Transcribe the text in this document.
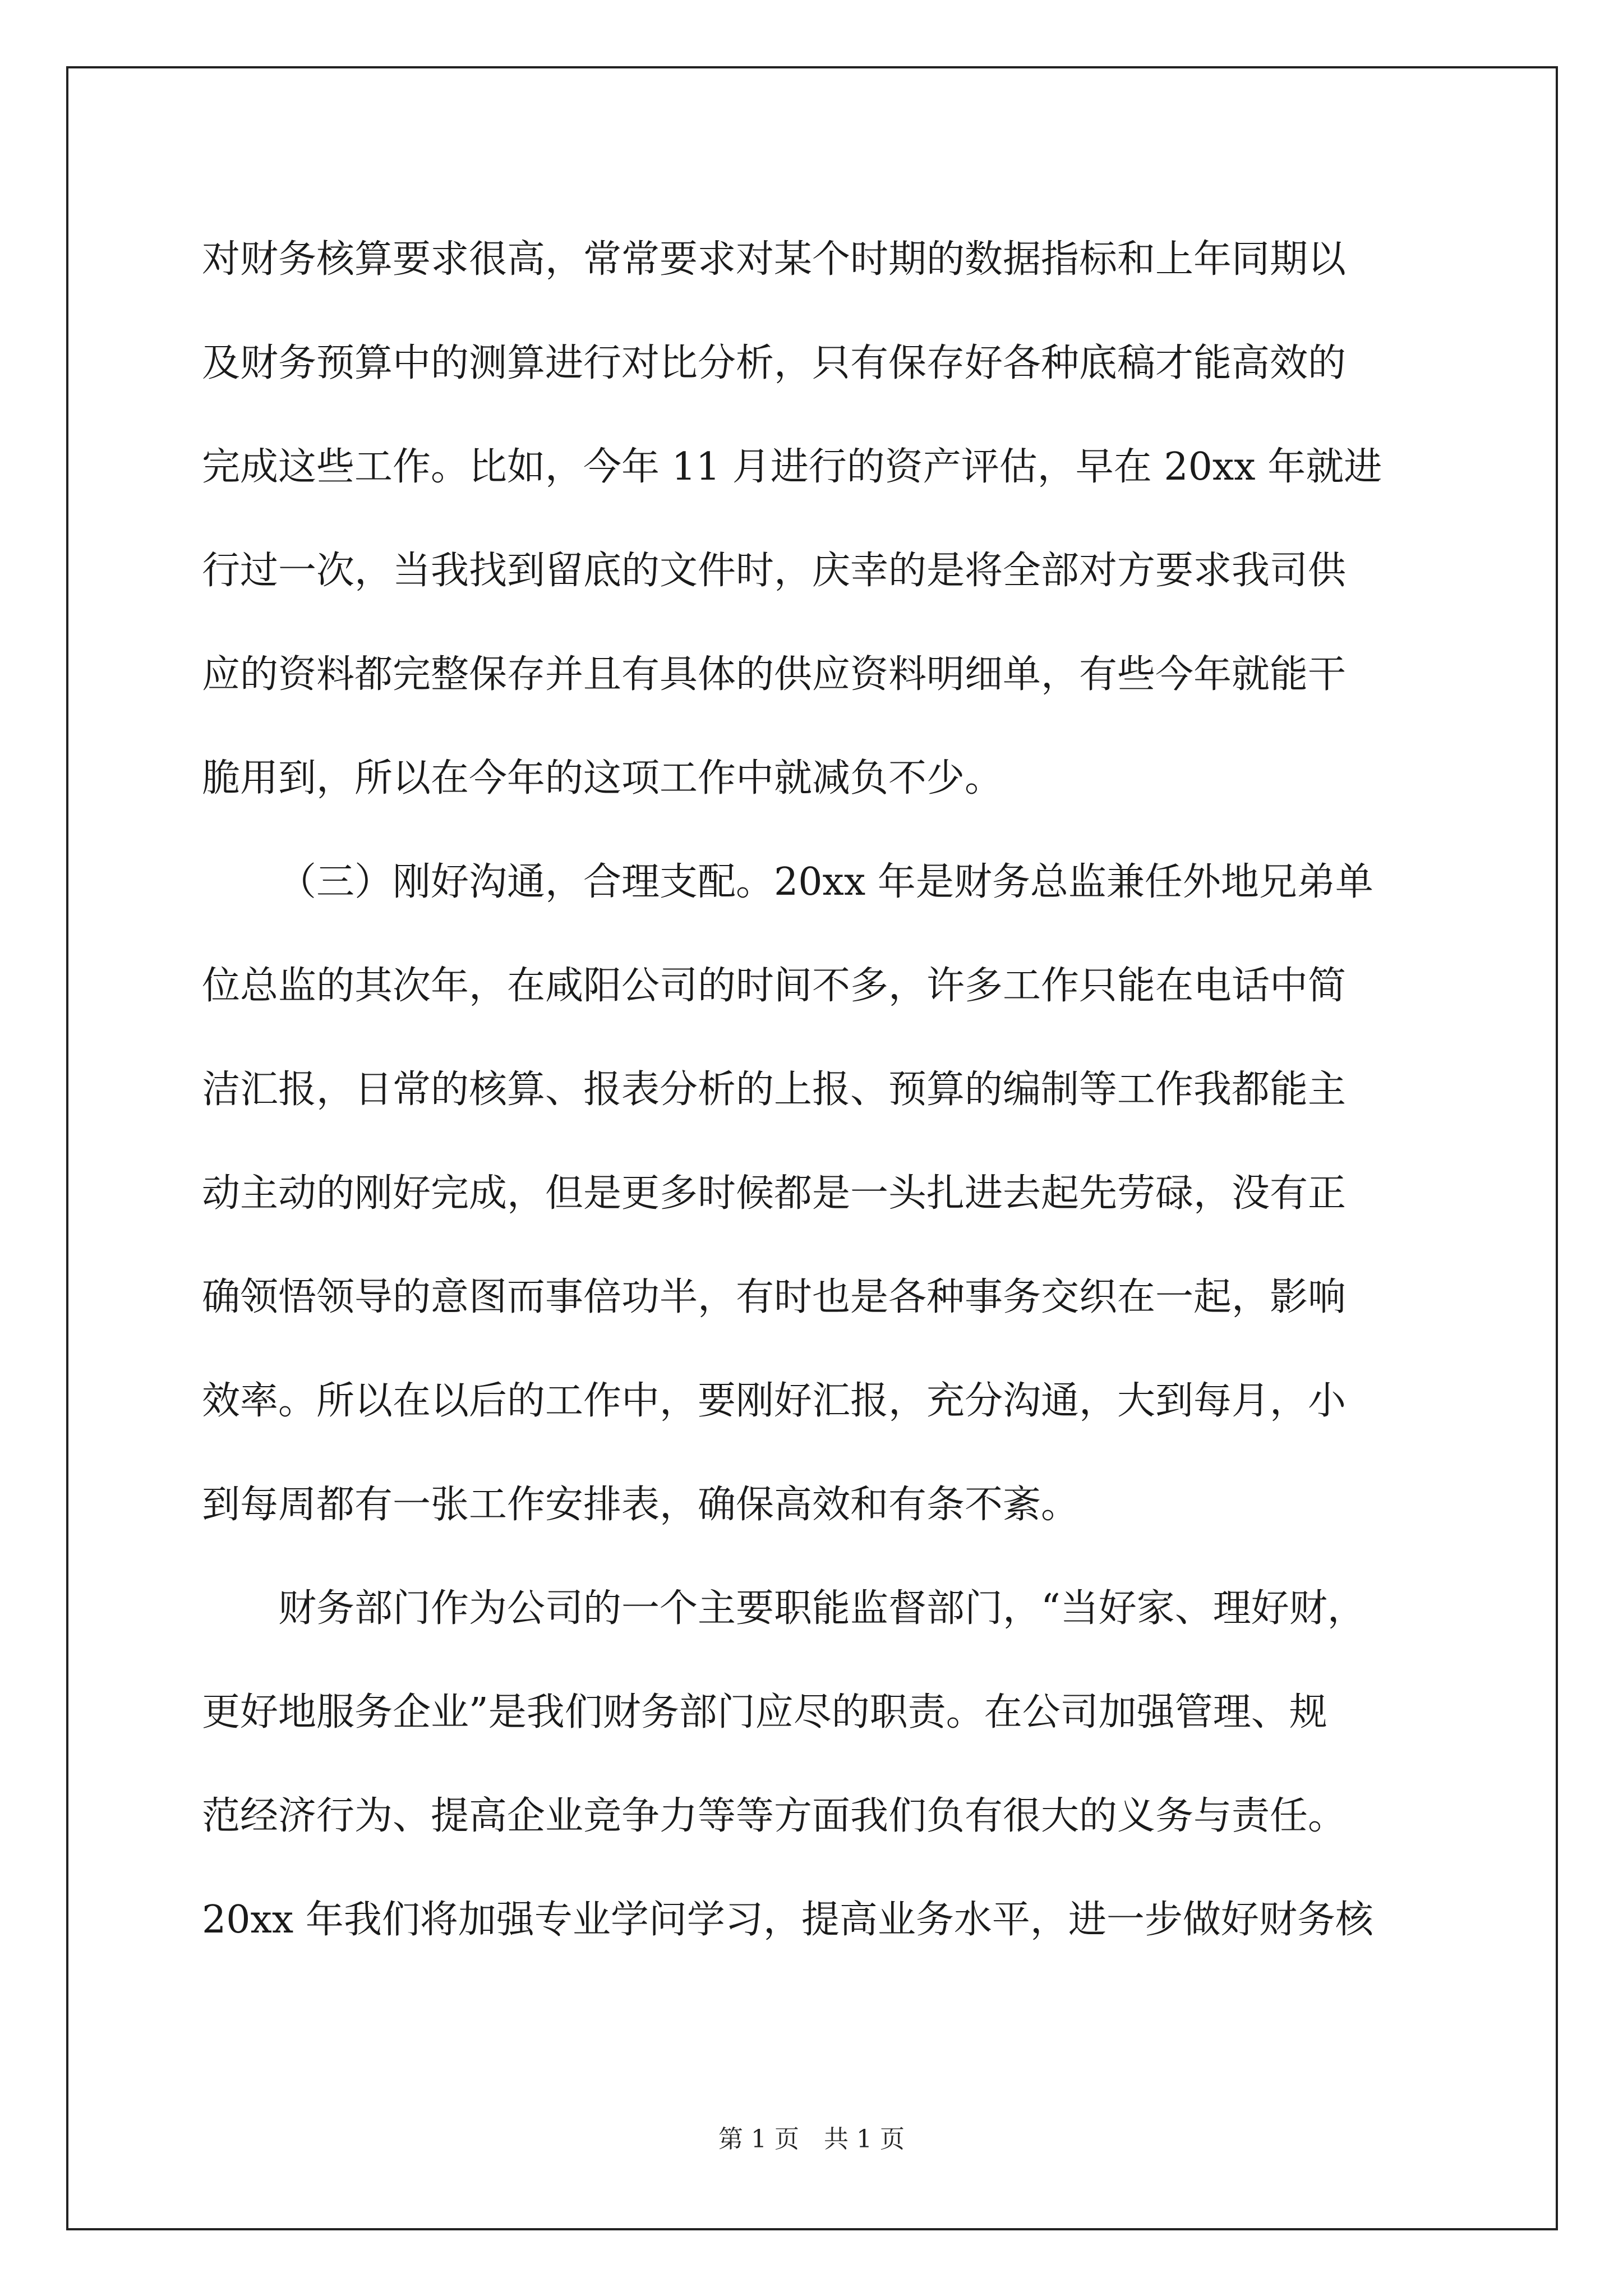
对财务核算要求很高，常常要求对某个时期的数据指标和上年同期以
及财务预算中的测算进行对比分析，只有保存好各种底稿才能高效的
完成这些工作。比如，今年 11 月进行的资产评估，早在 20xx 年就进
行过一次，当我找到留底的文件时，庆幸的是将全部对方要求我司供
应的资料都完整保存并且有具体的供应资料明细单，有些今年就能干
脆用到，所以在今年的这项工作中就减负不少。
（三）刚好沟通，合理支配。20xx 年是财务总监兼任外地兄弟单
位总监的其次年，在咸阳公司的时间不多，许多工作只能在电话中简
洁汇报，日常的核算、报表分析的上报、预算的编制等工作我都能主
动主动的刚好完成，但是更多时候都是一头扎进去起先劳碌，没有正
确领悟领导的意图而事倍功半，有时也是各种事务交织在一起，影响
效率。所以在以后的工作中，要刚好汇报，充分沟通，大到每月，小
到每周都有一张工作安排表，确保高效和有条不紊。
财务部门作为公司的一个主要职能监督部门，“当好家、理好财，
更好地服务企业”是我们财务部门应尽的职责。在公司加强管理、规
范经济行为、提高企业竞争力等等方面我们负有很大的义务与责任。
20xx 年我们将加强专业学问学习，提高业务水平，进一步做好财务核
第 1 页　共 1 页
